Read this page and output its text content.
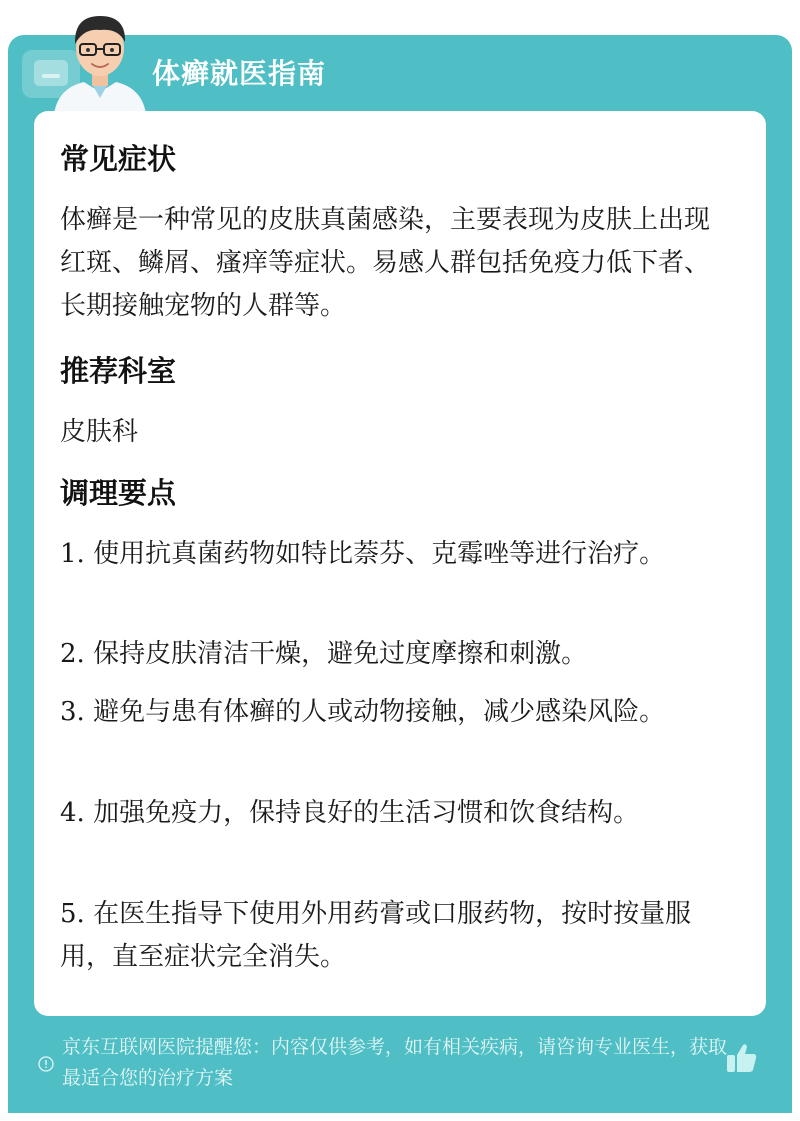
体癣就医指南
常见症状
体癣是一种常见的皮肤真菌感染，主要表现为皮肤上出现红斑、鳞屑、瘙痒等症状。易感人群包括免疫力低下者、长期接触宠物的人群等。
推荐科室
皮肤科
调理要点
1. 使用抗真菌药物如特比萘芬、克霉唑等进行治疗。
2. 保持皮肤清洁干燥，避免过度摩擦和刺激。
3. 避免与患有体癣的人或动物接触，减少感染风险。
4. 加强免疫力，保持良好的生活习惯和饮食结构。
5. 在医生指导下使用外用药膏或口服药物，按时按量服用，直至症状完全消失。
京东互联网医院提醒您：内容仅供参考，如有相关疾病，请咨询专业医生，获取最适合您的治疗方案
